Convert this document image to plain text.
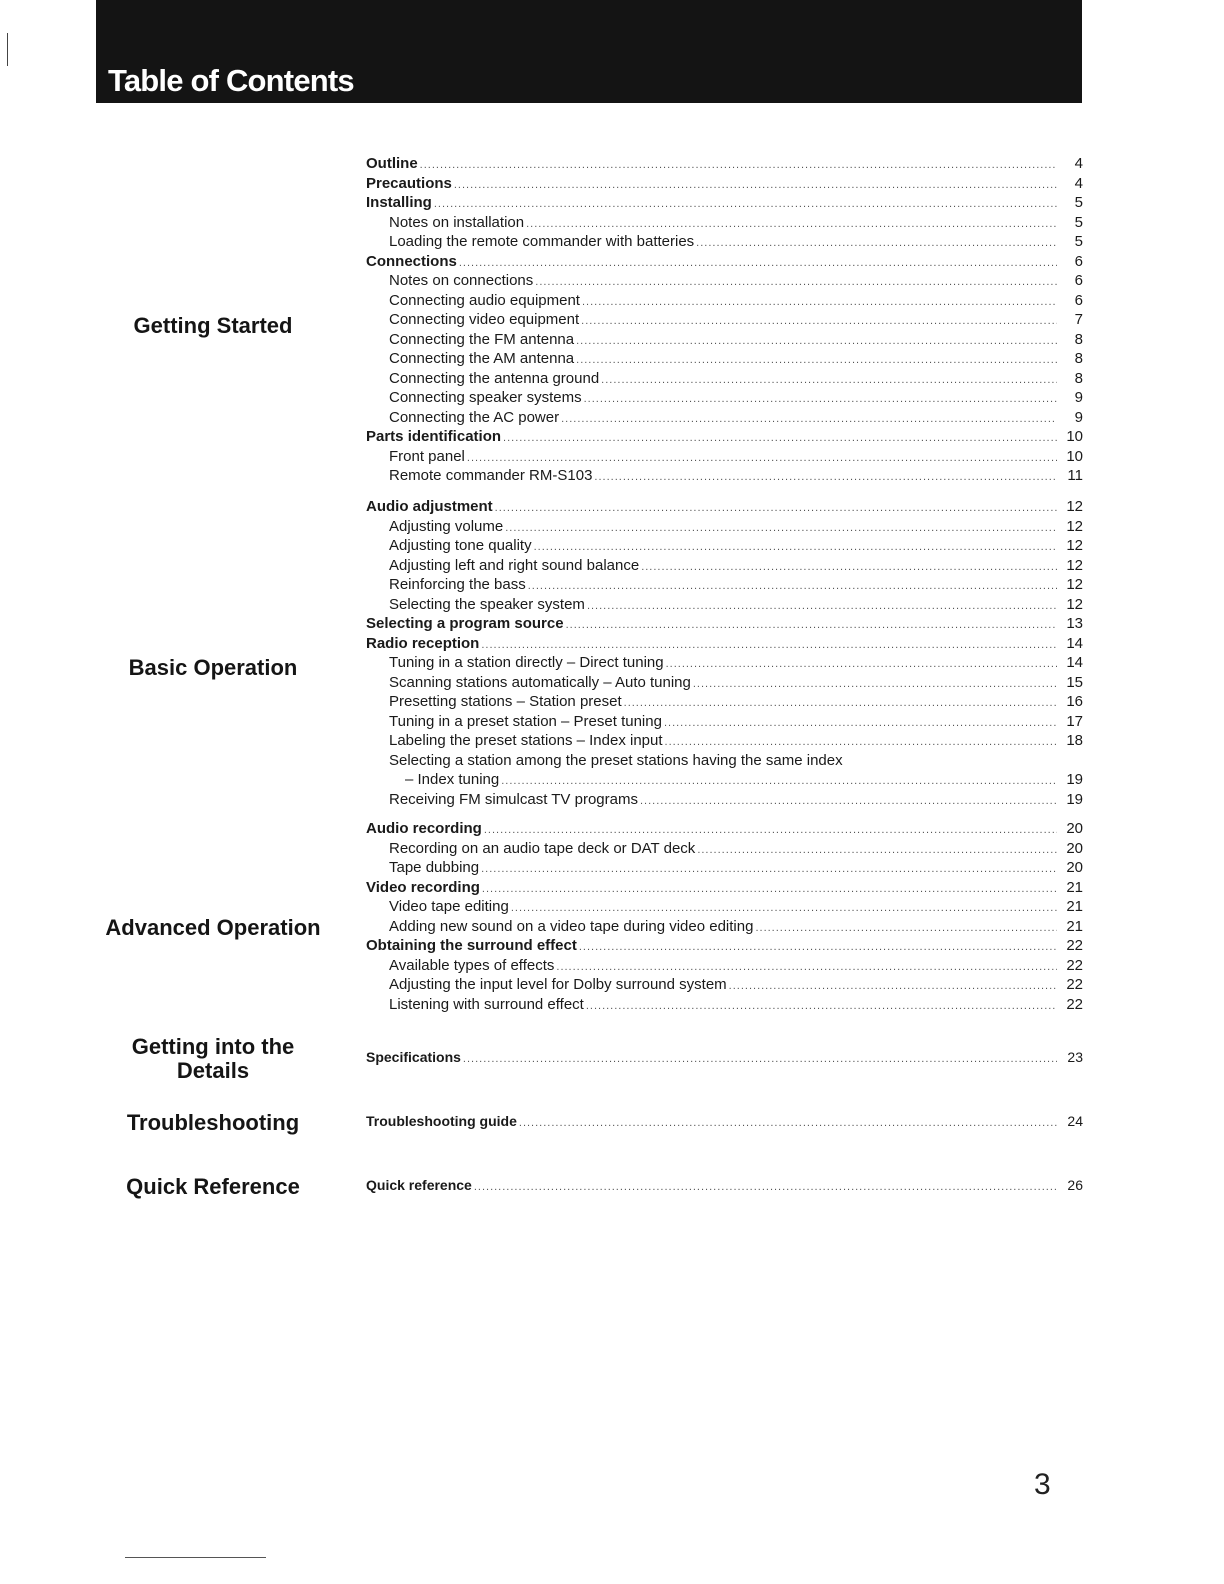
Table of Contents
Getting Started
Basic Operation
Advanced Operation
Getting into the
Details
Troubleshooting
Quick Reference
Outline .....	4
Precautions .....	4
Installing .....	5
Notes on installation .....	5
Loading the remote commander with batteries .....	5
Connections .....	6
Notes on connections .....	6
Connecting audio equipment .....	6
Connecting video equipment .....	7
Connecting the FM antenna .....	8
Connecting the AM antenna .....	8
Connecting the antenna ground .....	8
Connecting speaker systems .....	9
Connecting the AC power .....	9
Parts identification .....	10
Front panel .....	10
Remote commander RM-S103 .....	11
Audio adjustment .....	12
Adjusting volume .....	12
Adjusting tone quality .....	12
Adjusting left and right sound balance .....	12
Reinforcing the bass .....	12
Selecting the speaker system .....	12
Selecting a program source .....	13
Radio reception .....	14
Tuning in a station directly – Direct tuning .....	14
Scanning stations automatically – Auto tuning .....	15
Presetting stations – Station preset .....	16
Tuning in a preset station – Preset tuning .....	17
Labeling the preset stations – Index input .....	18
Selecting a station among the preset stations having the same index
– Index tuning .....	19
Receiving FM simulcast TV programs .....	19
Audio recording .....	20
Recording on an audio tape deck or DAT deck .....	20
Tape dubbing .....	20
Video recording .....	21
Video tape editing .....	21
Adding new sound on a video tape during video editing .....	21
Obtaining the surround effect .....	22
Available types of effects .....	22
Adjusting the input level for Dolby surround system .....	22
Listening with surround effect .....	22
Specifications .....	23
Troubleshooting guide .....	24
Quick reference .....	26
3
